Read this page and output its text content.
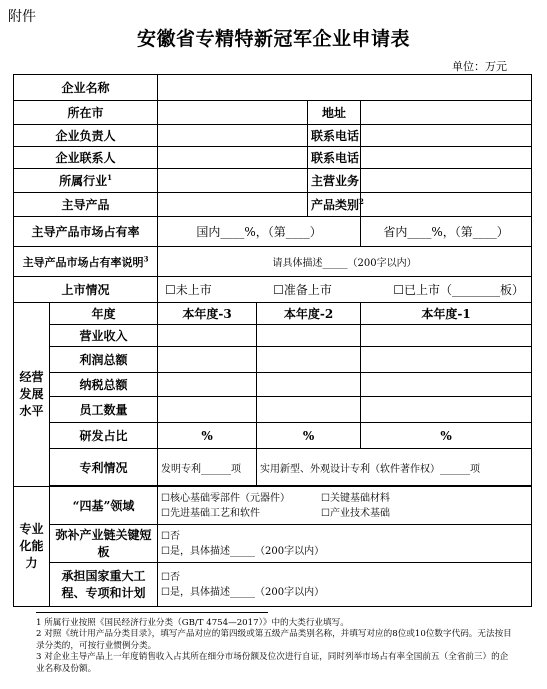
附件
安徽省专精特新冠军企业申请表
单位：万元
企业名称					
所在市				地址	
企业负责人				联系电话	
企业联系人				联系电话	
所属行业$^1$				主营业务	
主导产品				产品类别$^2$	
主导产品市场占有率		国内____%，（第____）			省内____%，（第____）
主导产品市场占有率说明$^3$		请具体描述_____（200字以内）			
上市情况		☐未上市 ☐准备上市 ☐已上市（________板）			

经营发展水平	年度	本年度-3	本年度-2		本年度-1
	营业收入				
	利润总额				
	纳税总额				
	员工数量				
	研发占比	%	%		%
	专利情况	发明专利______项	实用新型、外观设计专利（软件著作权）______项		

专业化能力	“四基”领域	☐核心基础零部件（元器件） ☐关键基础材料
☐先进基础工艺和软件 ☐产业技术基础			

	弥补产业链关键短板	☐否
☐是，具体描述_____（200字以内）			

	承担国家重大工程、专项和计划	☐否
☐是，具体描述_____（200字以内）			

1 所属行业按照《国民经济行业分类（GB/T 4754—2017）》中的大类行业填写。

2 对照《统计用产品分类目录》，填写产品对应的第四级或第五级产品类别名称，并填写对应的8位或10位数字代码。无法按目录分类的，可按行业惯例分类。

3 对企业主导产品上一年度销售收入占其所在细分市场份额及位次进行自证，同时列举市场占有率全国前五（全省前三）的企业名称及份额。
